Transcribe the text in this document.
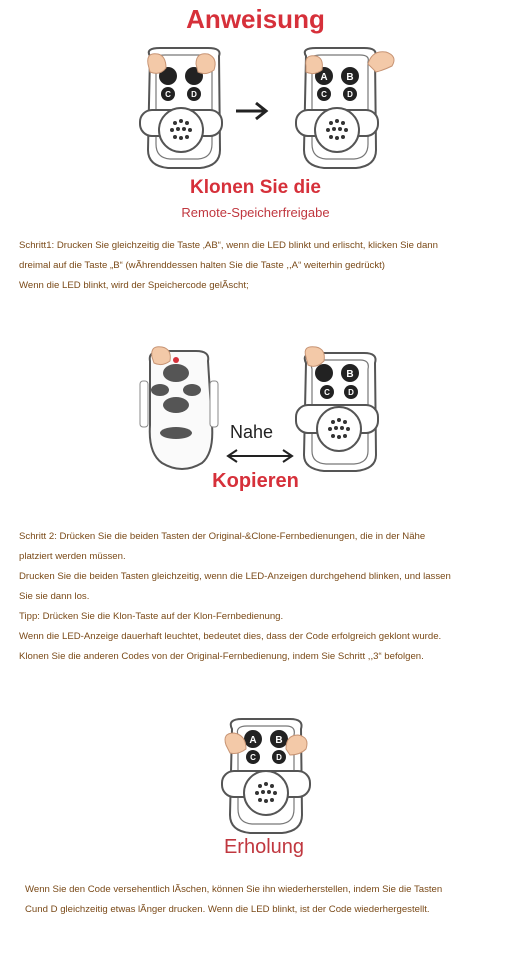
Anweisung
C	D
A B
C	D
Klonen Sie die
Remote-Speicherfreigabe

Schritt1: Drucken Sie gleichzeitig die Taste ‚AB“, wenn die LED blinkt und erlischt, klicken Sie dann

dreimal auf die Taste „B“ (wÃhrenddessen halten Sie die Taste ,,A“ weiterhin gedrückt)

Wenn die LED blinkt, wird der Speichercode gelÃscht;

B
C D
Nahe
Kopieren

Schritt 2: Drücken Sie die beiden Tasten der Original-&Clone-Fernbedienungen, die in der Nähe

platziert werden müssen.

Drucken Sie die beiden Tasten gleichzeitig, wenn die LED-Anzeigen durchgehend blinken, und lassen

Sie sie dann los.

Tipp: Drücken Sie die Klon-Taste auf der Klon-Fernbedienung.

Wenn die LED-Anzeige dauerhaft leuchtet, bedeutet dies, dass der Code erfolgreich geklont wurde.

Klonen Sie die anderen Codes von der Original-Fernbedienung, indem Sie Schritt ,,3“ befolgen.

A B
C	D
Erholung

Wenn Sie den Code versehentlich lÃschen, können Sie ihn wiederherstellen, indem Sie die Tasten

Cund D gleichzeitig etwas lÃnger drucken. Wenn die LED blinkt, ist der Code wiederhergestellt.
